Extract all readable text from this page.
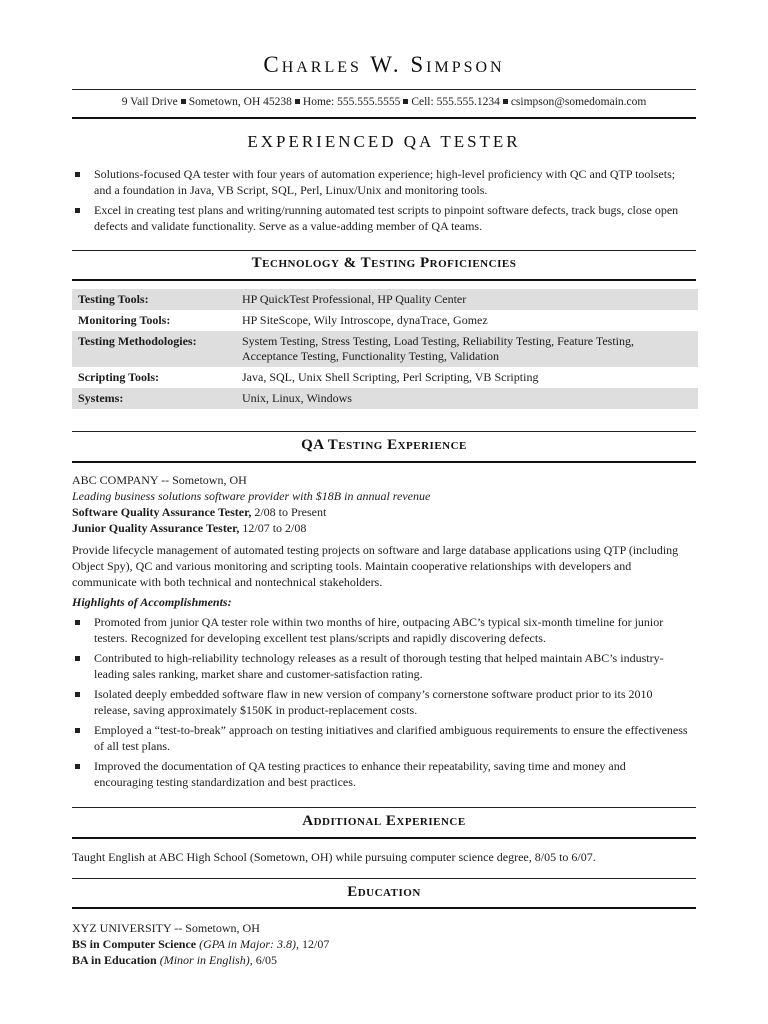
Charles W. Simpson
9 Vail Drive Sometown, OH 45238 Home: 555.555.5555 Cell: 555.555.1234 csimpson@somedomain.com
EXPERIENCED QA TESTER
Solutions-focused QA tester with four years of automation experience; high-level proficiency with QC and QTP toolsets; and a foundation in Java, VB Script, SQL, Perl, Linux/Unix and monitoring tools.
Excel in creating test plans and writing/running automated test scripts to pinpoint software defects, track bugs, close open defects and validate functionality. Serve as a value-adding member of QA teams.
Technology & Testing Proficiencies
Testing Tools:	HP QuickTest Professional, HP Quality Center
Monitoring Tools:	HP SiteScope, Wily Introscope, dynaTrace, Gomez
Testing Methodologies:	System Testing, Stress Testing, Load Testing, Reliability Testing, Feature Testing, Acceptance Testing, Functionality Testing, Validation
Scripting Tools:	Java, SQL, Unix Shell Scripting, Perl Scripting, VB Scripting
Systems:	Unix, Linux, Windows
QA Testing Experience
ABC COMPANY -- Sometown, OH
Leading business solutions software provider with $18B in annual revenue
Software Quality Assurance Tester, 2/08 to Present
Junior Quality Assurance Tester, 12/07 to 2/08
Provide lifecycle management of automated testing projects on software and large database applications using QTP (including Object Spy), QC and various monitoring and scripting tools. Maintain cooperative relationships with developers and communicate with both technical and nontechnical stakeholders.
Highlights of Accomplishments:
Promoted from junior QA tester role within two months of hire, outpacing ABC’s typical six-month timeline for junior testers. Recognized for developing excellent test plans/scripts and rapidly discovering defects.
Contributed to high-reliability technology releases as a result of thorough testing that helped maintain ABC’s industry-leading sales ranking, market share and customer-satisfaction rating.
Isolated deeply embedded software flaw in new version of company’s cornerstone software product prior to its 2010 release, saving approximately $150K in product-replacement costs.
Employed a “test-to-break” approach on testing initiatives and clarified ambiguous requirements to ensure the effectiveness of all test plans.
Improved the documentation of QA testing practices to enhance their repeatability, saving time and money and encouraging testing standardization and best practices.
Additional Experience
Taught English at ABC High School (Sometown, OH) while pursuing computer science degree, 8/05 to 6/07.
Education
XYZ UNIVERSITY -- Sometown, OH
BS in Computer Science (GPA in Major: 3.8), 12/07
BA in Education (Minor in English), 6/05
